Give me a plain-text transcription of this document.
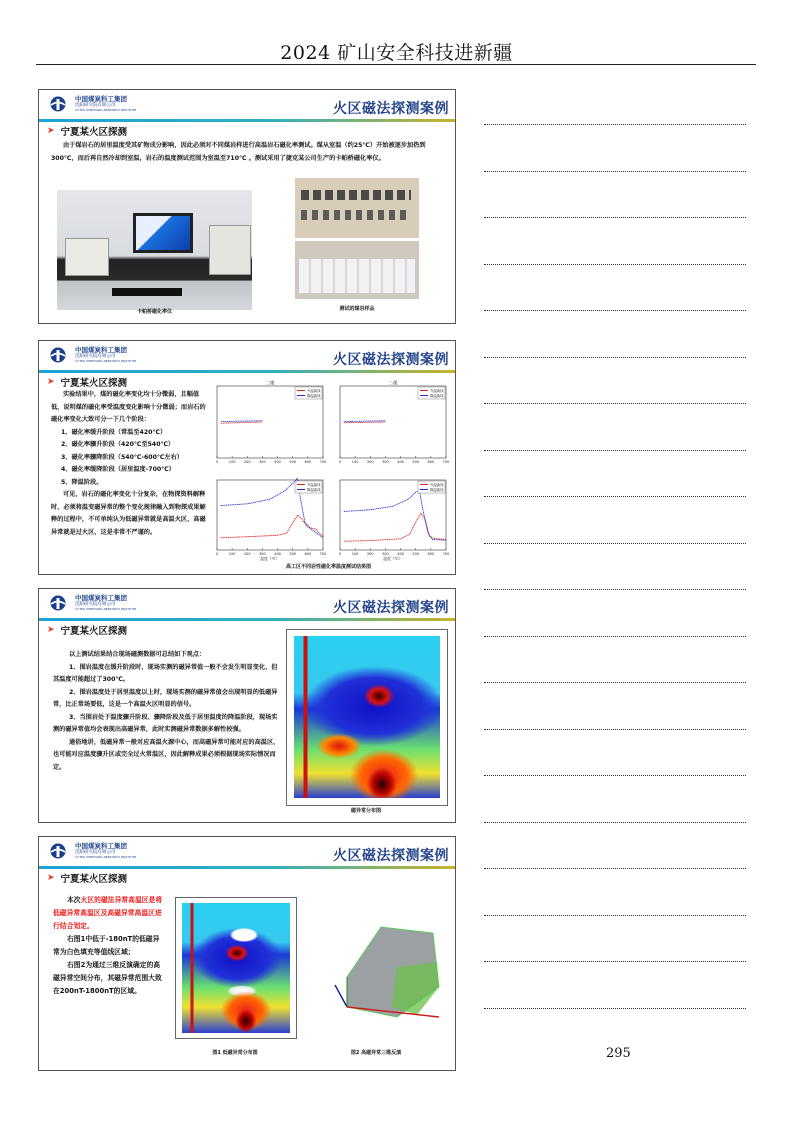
2024 矿山安全科技进新疆
中国煤炭科工集团
沈阳研究院有限公司
CCTEG SHENYANG RESEARCH INSTITUTE	火区磁法探测案例
➤ 宁夏某火区探测
由于煤岩石的居里温度受其矿物成分影响，因此必须对不同煤岩样进行高温岩石磁化率测试。煤从室温（约25℃）开始被逐步加热到300℃，而后再自然冷却到室温，岩石的温度测试范围为室温至710℃ 。测试采用了捷克某公司生产的卡帕桥磁化率仪。
卡帕桥磁化率仪	测试的煤岩样品
中国煤炭科工集团
沈阳研究院有限公司
CCTEG SHENYANG RESEARCH INSTITUTE	火区磁法探测案例
➤ 宁夏某火区探测
实验结果中，煤的磁化率变化均十分微弱，且幅值低，说明煤的磁化率受温度变化影响十分微弱；而岩石的磁化率变化大致可分一下几个阶段：
1、磁化率缓升阶段（常温至420℃）
2、磁化率骤升阶段（420℃至540℃）
3、磁化率骤降阶段（540℃-600℃左右）
4、磁化率缓降阶段（居里温度-700℃）
5、降温阶段。
可见，岩石的磁化率变化十分复杂，在物探资料解释时，必须将温变磁异常的整个变化规律融入到物探成果解释的过程中，不可单纯认为低磁异常就是高温火区，高磁异常就是过火区，这是非常不严谨的。
二煤
0	100 200 300 400 500 600 700
升温曲线
降温曲线
二煤
0	100 200 300 400 500 600 700
升温曲线
降温曲线
0	100 200 300 400 500 600 700
温度（℃）
升温曲线
降温曲线
0	100 200 300 400 500 600 700
温度（℃）
升温曲线
降温曲线
高工区不同岩性磁化率温度测试结果图
中国煤炭科工集团
沈阳研究院有限公司
CCTEG SHENYANG RESEARCH INSTITUTE	火区磁法探测案例
➤ 宁夏某火区探测
以上测试结果结合现场磁测数据可总结如下观点：
1、围岩温度在缓升阶段时，现场实测的磁异常值一般不会发生明显变化，但其温度可能超过了300℃。
2、围岩温度处于居里温度以上时，现场实测的磁异常值会出现明显的低磁异常，比正常场要低，这是一个高温火区明显的信号。
3、当围岩处于温度骤升阶段、骤降阶段及低于居里温度的降温阶段，现场实测的磁异常值均会表现出高磁异常，此时实测磁异常数据多解性较强。
通俗地讲，低磁异常一般对应高温火源中心，而高磁异常可能对应的高温区，也可能对应温度骤升区或完全过火常温区，因此解释成果必须根据现场实际情况而定。
磁异常分布图
中国煤炭科工集团
沈阳研究院有限公司
CCTEG SHENYANG RESEARCH INSTITUTE	火区磁法探测案例
➤ 宁夏某火区探测
本次火区的磁法异常高温区是将低磁异常高温区及高磁异常高温区进行结合划定。
右图1中低于-180nT的低磁异常为白色填充等值线区域；
右图2为通过三维反演确定的高磁异常空间分布，其磁异常范围大致在200nT-1800nT的区域。
图1 低磁异常分布图	图2 高磁异常三维反演	295
